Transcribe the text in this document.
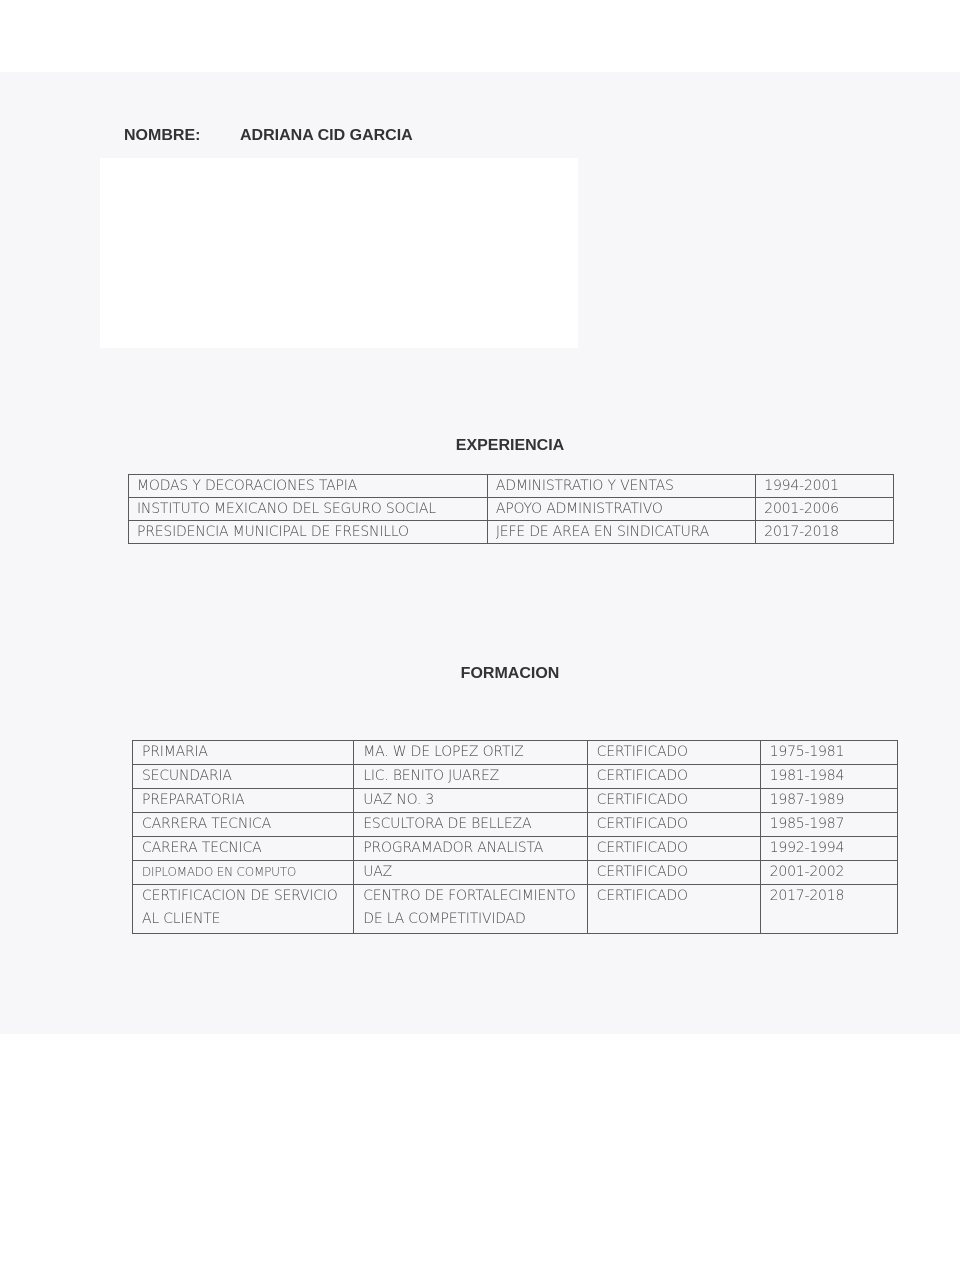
NOMBRE: ADRIANA CID GARCIA
EXPERIENCIA
MODAS Y DECORACIONES TAPIA	ADMINISTRATIO Y VENTAS	1994-2001
INSTITUTO MEXICANO DEL SEGURO SOCIAL	APOYO ADMINISTRATIVO	2001-2006
PRESIDENCIA MUNICIPAL DE FRESNILLO	JEFE DE AREA EN SINDICATURA	2017-2018
FORMACION
PRIMARIA	MA. W DE LOPEZ ORTIZ	CERTIFICADO	1975-1981
SECUNDARIA	LIC. BENITO JUAREZ	CERTIFICADO	1981-1984
PREPARATORIA	UAZ NO. 3	CERTIFICADO	1987-1989
CARRERA TECNICA	ESCULTORA DE BELLEZA	CERTIFICADO	1985-1987
CARERA TECNICA	PROGRAMADOR ANALISTA	CERTIFICADO	1992-1994
DIPLOMADO EN COMPUTO	UAZ	CERTIFICADO	2001-2002
CERTIFICACION DE SERVICIO AL CLIENTE	CENTRO DE FORTALECIMIENTO DE LA COMPETITIVIDAD	CERTIFICADO	2017-2018
